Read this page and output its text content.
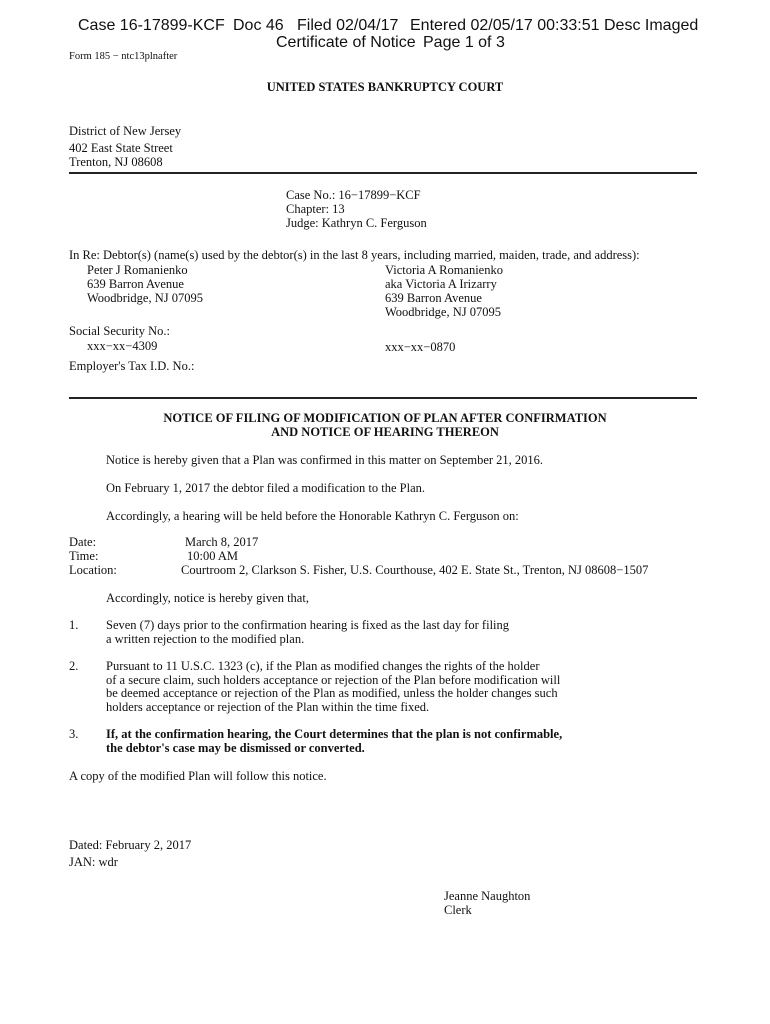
Case 16-17899-KCF Doc 46 Filed 02/04/17 Entered 02/05/17 00:33:51 Desc Imaged
Certificate of Notice Page 1 of 3
Form 185 − ntc13plnafter
UNITED STATES BANKRUPTCY COURT
District of New Jersey
402 East State Street
Trenton, NJ 08608
Case No.: 16−17899−KCF
Chapter: 13
Judge: Kathryn C. Ferguson
In Re: Debtor(s) (name(s) used by the debtor(s) in the last 8 years, including married, maiden, trade, and address):
Peter J Romanienko
639 Barron Avenue
Woodbridge, NJ 07095
Victoria A Romanienko
aka Victoria A Irizarry
639 Barron Avenue
Woodbridge, NJ 07095
Social Security No.:
xxx−xx−4309	xxx−xx−0870
Employer's Tax I.D. No.:
NOTICE OF FILING OF MODIFICATION OF PLAN AFTER CONFIRMATION
AND NOTICE OF HEARING THEREON
Notice is hereby given that a Plan was confirmed in this matter on September 21, 2016.
On February 1, 2017 the debtor filed a modification to the Plan.
Accordingly, a hearing will be held before the Honorable Kathryn C. Ferguson on:
Date:	March 8, 2017
Time:	10:00 AM
Location:	Courtroom 2, Clarkson S. Fisher, U.S. Courthouse, 402 E. State St., Trenton, NJ 08608−1507
Accordingly, notice is hereby given that,
1. Seven (7) days prior to the confirmation hearing is fixed as the last day for filing
a written rejection to the modified plan.
2. Pursuant to 11 U.S.C. 1323 (c), if the Plan as modified changes the rights of the holder
of a secure claim, such holders acceptance or rejection of the Plan before modification will
be deemed acceptance or rejection of the Plan as modified, unless the holder changes such
holders acceptance or rejection of the Plan within the time fixed.
3. If, at the confirmation hearing, the Court determines that the plan is not confirmable,
the debtor's case may be dismissed or converted.
A copy of the modified Plan will follow this notice.
Dated: February 2, 2017
JAN: wdr
Jeanne Naughton
Clerk
